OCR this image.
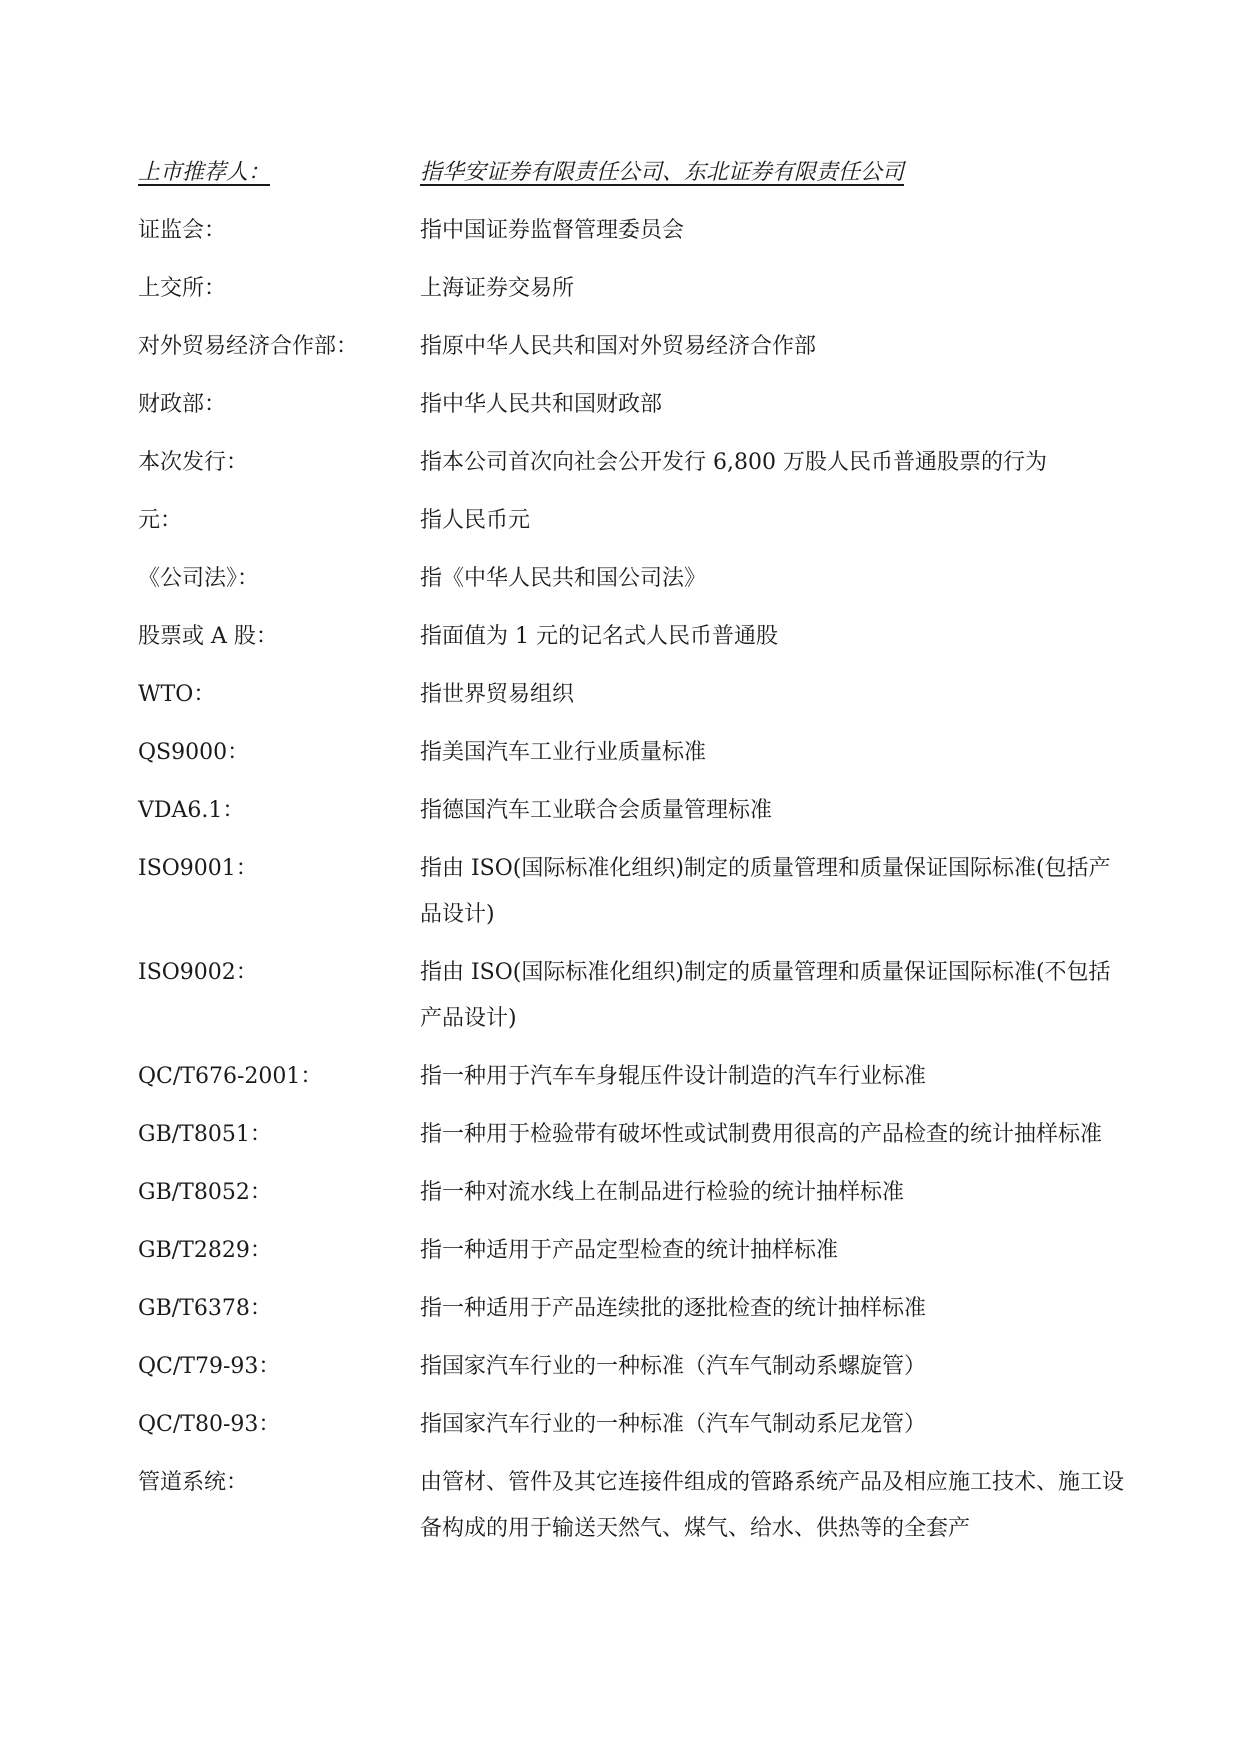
上市推荐人：	指华安证券有限责任公司、东北证券有限责任公司
证监会：	指中国证券监督管理委员会
上交所：	上海证券交易所
对外贸易经济合作部：	指原中华人民共和国对外贸易经济合作部
财政部：	指中华人民共和国财政部
本次发行：	指本公司首次向社会公开发行 6,800 万股人民币普通股票的行为
元：	指人民币元
《公司法》：	指《中华人民共和国公司法》
股票或 A 股：	指面值为 1 元的记名式人民币普通股
WTO：	指世界贸易组织
QS9000：	指美国汽车工业行业质量标准
VDA6.1：	指德国汽车工业联合会质量管理标准
ISO9001：	指由 ISO(国际标准化组织)制定的质量管理和质量保证国际标准(包括产品设计)
ISO9002：	指由 ISO(国际标准化组织)制定的质量管理和质量保证国际标准(不包括产品设计)
QC/T676-2001：	指一种用于汽车车身辊压件设计制造的汽车行业标准
GB/T8051：	指一种用于检验带有破坏性或试制费用很高的产品检查的统计抽样标准
GB/T8052：	指一种对流水线上在制品进行检验的统计抽样标准
GB/T2829：	指一种适用于产品定型检查的统计抽样标准
GB/T6378：	指一种适用于产品连续批的逐批检查的统计抽样标准
QC/T79-93：	指国家汽车行业的一种标准（汽车气制动系螺旋管）
QC/T80-93：	指国家汽车行业的一种标准（汽车气制动系尼龙管）
管道系统：	由管材、管件及其它连接件组成的管路系统产品及相应施工技术、施工设备构成的用于输送天然气、煤气、给水、供热等的全套产
